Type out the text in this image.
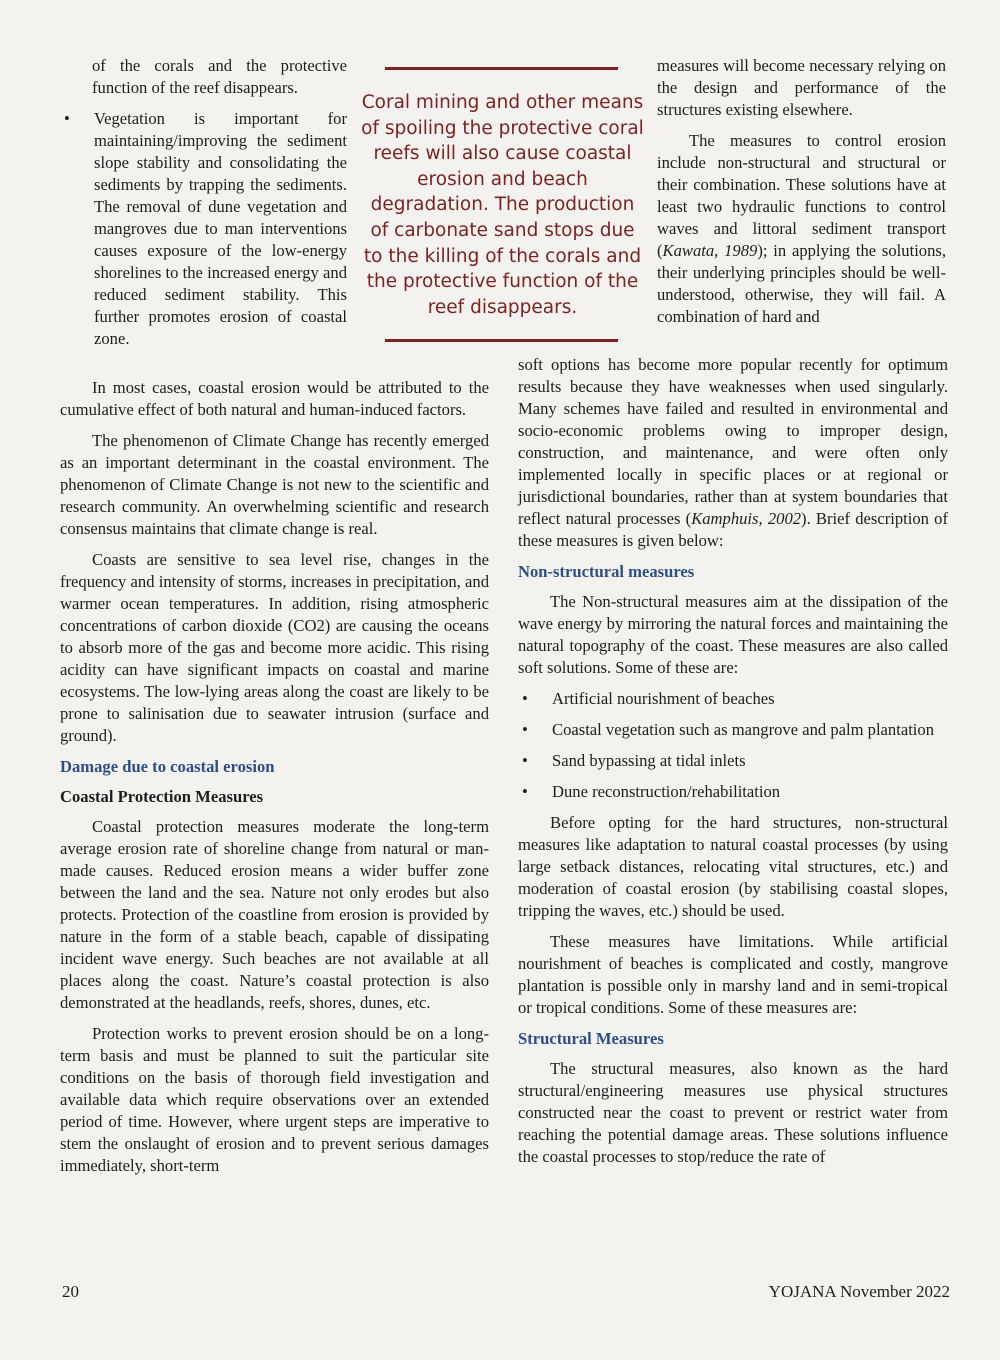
of the corals and the protective function of the reef disappears.

• Vegetation is important for maintaining/improving the sediment slope stability and consolidating the sediments by trapping the sediments. The removal of dune vegetation and mangroves due to man interventions causes exposure of the low-energy shorelines to the increased energy and reduced sediment stability. This further promotes erosion of coastal zone.
Coral mining and other means of spoiling the protective coral reefs will also cause coastal erosion and beach degradation. The production of carbonate sand stops due to the killing of the corals and the protective function of the reef disappears.

In most cases, coastal erosion would be attributed to the cumulative effect of both natural and human-induced factors.

The phenomenon of Climate Change has recently emerged as an important determinant in the coastal environment. The phenomenon of Climate Change is not new to the scientific and research community. An overwhelming scientific and research consensus maintains that climate change is real.

Coasts are sensitive to sea level rise, changes in the frequency and intensity of storms, increases in precipitation, and warmer ocean temperatures. In addition, rising atmospheric concentrations of carbon dioxide (CO2) are causing the oceans to absorb more of the gas and become more acidic. This rising acidity can have significant impacts on coastal and marine ecosystems. The low-lying areas along the coast are likely to be prone to salinisation due to seawater intrusion (surface and ground).

Damage due to coastal erosion
Coastal Protection Measures

Coastal protection measures moderate the long-term average erosion rate of shoreline change from natural or man-made causes. Reduced erosion means a wider buffer zone between the land and the sea. Nature not only erodes but also protects. Protection of the coastline from erosion is provided by nature in the form of a stable beach, capable of dissipating incident wave energy. Such beaches are not available at all places along the coast. Nature’s coastal protection is also demonstrated at the headlands, reefs, shores, dunes, etc.

Protection works to prevent erosion should be on a long-term basis and must be planned to suit the particular site conditions on the basis of thorough field investigation and available data which require observations over an extended period of time. However, where urgent steps are imperative to stem the onslaught of erosion and to prevent serious damages immediately, short-term

measures will become necessary relying on the design and performance of the structures existing elsewhere.

The measures to control erosion include non-structural and structural or their combination. These solutions have at least two hydraulic functions to control waves and littoral sediment transport (Kawata, 1989); in applying the solutions, their underlying principles should be well-understood, otherwise, they will fail. A combination of hard and

soft options has become more popular recently for optimum results because they have weaknesses when used singularly. Many schemes have failed and resulted in environmental and socio-economic problems owing to improper design, construction, and maintenance, and were often only implemented locally in specific places or at regional or jurisdictional boundaries, rather than at system boundaries that reflect natural processes (Kamphuis, 2002). Brief description of these measures is given below:

Non-structural measures

The Non-structural measures aim at the dissipation of the wave energy by mirroring the natural forces and maintaining the natural topography of the coast. These measures are also called soft solutions. Some of these are:

• Artificial nourishment of beaches
• Coastal vegetation such as mangrove and palm plantation
• Sand bypassing at tidal inlets
• Dune reconstruction/rehabilitation

Before opting for the hard structures, non-structural measures like adaptation to natural coastal processes (by using large setback distances, relocating vital structures, etc.) and moderation of coastal erosion (by stabilising coastal slopes, tripping the waves, etc.) should be used.

These measures have limitations. While artificial nourishment of beaches is complicated and costly, mangrove plantation is possible only in marshy land and in semi-tropical or tropical conditions. Some of these measures are:

Structural Measures

The structural measures, also known as the hard structural/engineering measures use physical structures constructed near the coast to prevent or restrict water from reaching the potential damage areas. These solutions influence the coastal processes to stop/reduce the rate of

20	YOJANA November 2022
